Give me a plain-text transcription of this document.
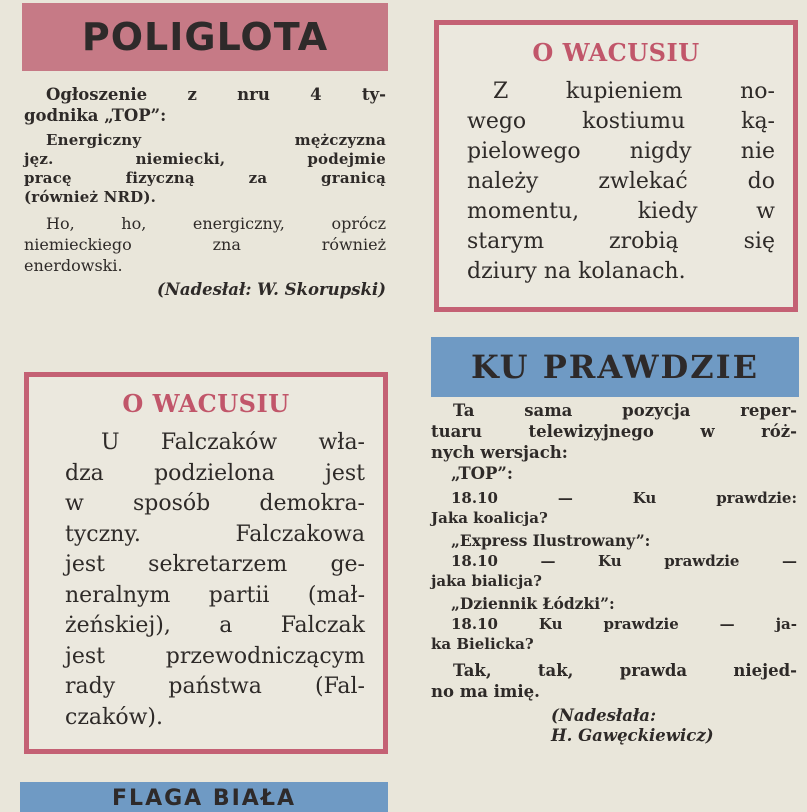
POLIGLOTA
Ogłoszenie z nru 4 ty-
godnika „TOP”:
Energiczny mężczyzna
jęz. niemiecki, podejmie
pracę fizyczną za granicą
(również NRD).
Ho, ho, energiczny, oprócz
niemieckiego zna również
enerdowski.
(Nadesłał: W. Skorupski)
O WACUSIU
U Falczaków wła-
dza podzielona jest
w sposób demokra-
tyczny. Falczakowa
jest sekretarzem ge-
neralnym partii (mał-
żeńskiej), a Falczak
jest przewodniczącym
rady państwa (Fal-
czaków).
FLAGA BIAŁA
O WACUSIU
Z kupieniem no-
wego kostiumu ką-
pielowego nigdy nie
należy zwlekać do
momentu, kiedy w
starym zrobią się
dziury na kolanach.
KU PRAWDZIE
Ta sama pozycja reper-
tuaru telewizyjnego w róż-
nych wersjach:
„TOP”:
18.10 — Ku prawdzie:
Jaka koalicja?
„Express Ilustrowany”:
18.10 — Ku prawdzie —
jaka bialicja?
„Dziennik Łódzki”:
18.10 Ku prawdzie — ja-
ka Bielicka?
Tak, tak, prawda niejed-
no ma imię.
(Nadesłała:
H. Gawęckiewicz)
